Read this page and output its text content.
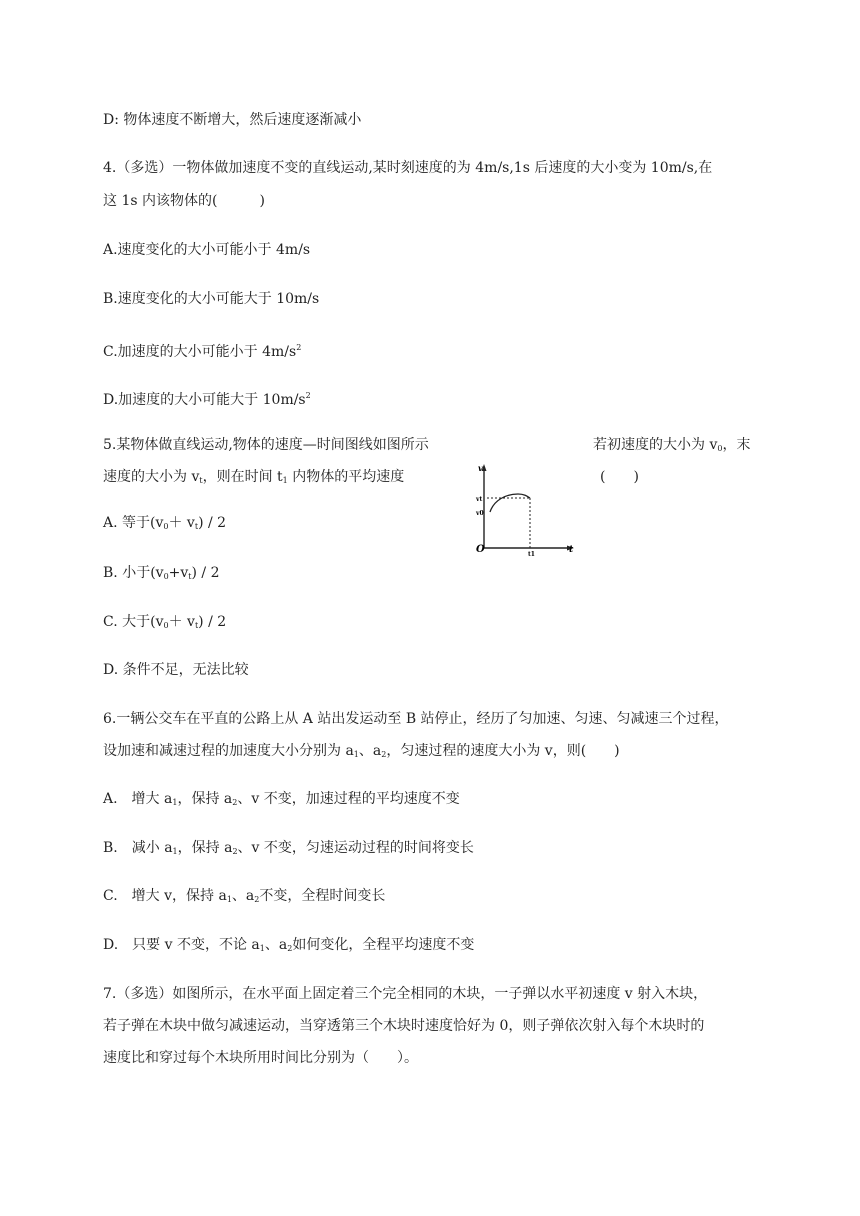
D: 物体速度不断增大，然后速度逐渐减小
4.（多选）一物体做加速度不变的直线运动,某时刻速度的为 4m/s,1s 后速度的大小变为 10m/s,在
这 1s 内该物体的(　　　)
A.速度变化的大小可能小于 4m/s
B.速度变化的大小可能大于 10m/s
C.加速度的大小可能小于 $4m/s^2$
D.加速度的大小可能大于 $10m/s^2$
5.某物体做直线运动,物体的速度—时间图线如图所示	若初速度的大小为 $v_0$，末
速度的大小为 $v_t$，则在时间 $t_1$ 内物体的平均速度	(　　)
v
vt
v0
O	t1	t
A. 等于$(v_0+ v_t) / 2$
B. 小于$(v_0+v_t) / 2$
C. 大于$(v_0+ v_t) / 2$
D. 条件不足，无法比较
6.一辆公交车在平直的公路上从 A 站出发运动至 B 站停止，经历了匀加速、匀速、匀减速三个过程，
设加速和减速过程的加速度大小分别为 $a_1$、$a_2$，匀速过程的速度大小为 v，则(　　)
A.　增大 $a_1$，保持 $a_2$、v 不变，加速过程的平均速度不变
B.　减小 $a_1$，保持 $a_2$、v 不变，匀速运动过程的时间将变长
C.　增大 v，保持 $a_1$、$a_2$不变，全程时间变长
D.　只要 v 不变，不论 $a_1$、$a_2$如何变化，全程平均速度不变
7.（多选）如图所示，在水平面上固定着三个完全相同的木块，一子弹以水平初速度 v 射入木块，
若子弹在木块中做匀减速运动，当穿透第三个木块时速度恰好为 0，则子弹依次射入每个木块时的
速度比和穿过每个木块所用时间比分别为（　　）。
